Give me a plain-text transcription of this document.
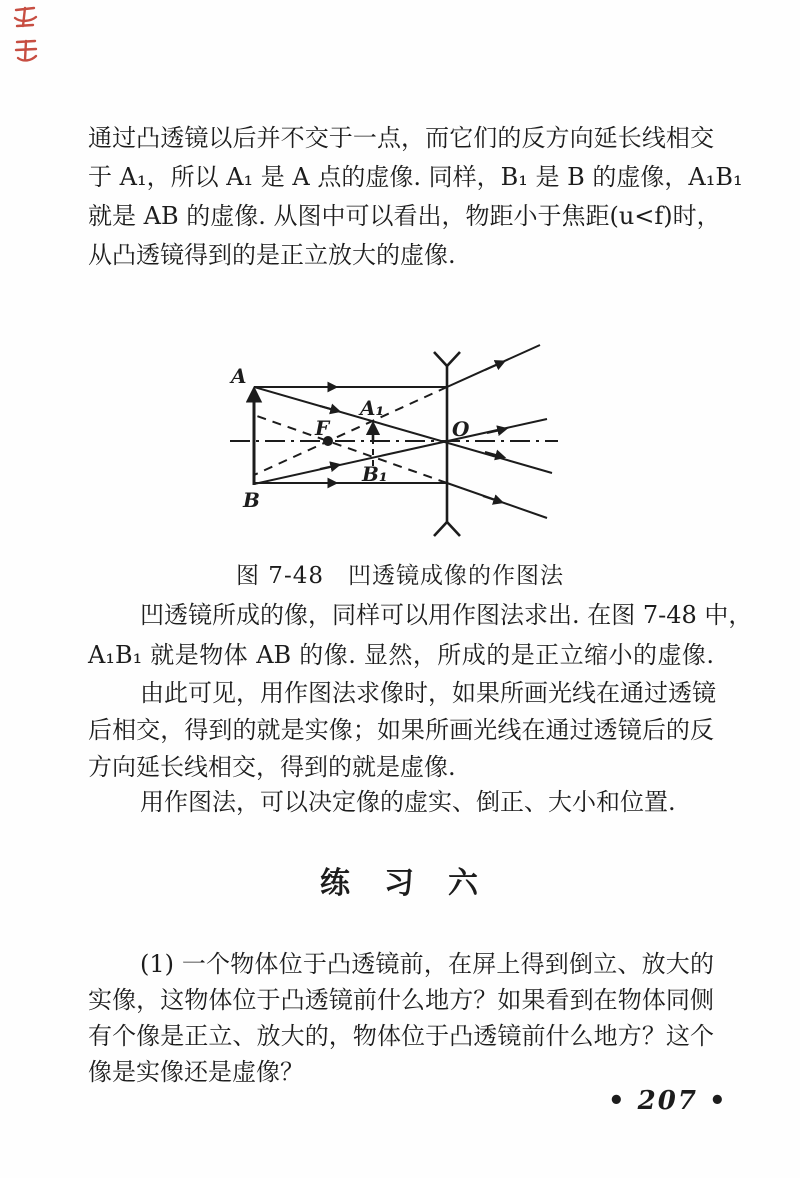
通过凸透镜以后并不交于一点，而它们的反方向延长线相交
于 A₁，所以 A₁ 是 A 点的虚像. 同样，B₁ 是 B 的虚像，A₁B₁
就是 AB 的虚像. 从图中可以看出，物距小于焦距(u<f)时，
从凸透镜得到的是正立放大的虚像.
A
B
F	O
A₁
B₁
图 7-48　凹透镜成像的作图法
凹透镜所成的像，同样可以用作图法求出. 在图 7-48 中，
A₁B₁ 就是物体 AB 的像. 显然，所成的是正立缩小的虚像.
由此可见，用作图法求像时，如果所画光线在通过透镜
后相交，得到的就是实像；如果所画光线在通过透镜后的反
方向延长线相交，得到的就是虚像.
用作图法，可以决定像的虚实、倒正、大小和位置.
练　习　六
(1) 一个物体位于凸透镜前，在屏上得到倒立、放大的
实像，这物体位于凸透镜前什么地方？如果看到在物体同侧
有个像是正立、放大的，物体位于凸透镜前什么地方？这个
像是实像还是虚像？
• 207 •
